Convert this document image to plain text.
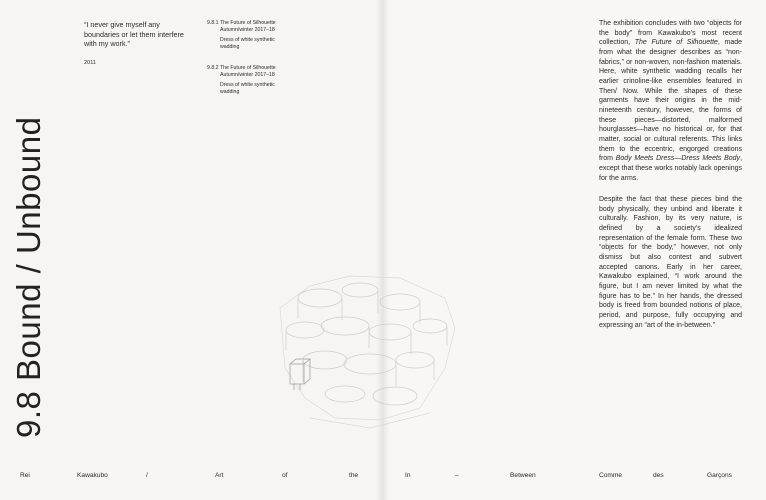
9.8 Bound / Unbound
“I never give myself any boundaries or let them interfere with my work.”
2011
9.8.1 The Future of Silhouette
Autumn/winter 2017–18
Dress of white synthetic
wadding
9.8.2 The Future of Silhouette
Autumn/winter 2017–18
Dress of white synthetic
wadding

The exhibition concludes with two “objects for the body” from Kawakubo’s most recent collection, The Future of Silhouette, made from what the designer describes as “non-fabrics,” or non-woven, non-fashion materials. Here, white synthetic wadding recalls her earlier crinoline-like ensembles featured in Then/ Now. While the shapes of these garments have their origins in the mid-nineteenth century, however, the forms of these pieces—distorted, malformed hourglasses—have no historical or, for that matter, social or cultural referents. This links them to the eccentric, engorged creations from Body Meets Dress—Dress Meets Body, except that these works notably lack openings for the arms.

Despite the fact that these pieces bind the body physically, they unbind and liberate it culturally. Fashion, by its very nature, is defined by a society’s idealized representation of the female form. These two “objects for the body,” however, not only dismiss but also contest and subvert accepted canons. Early in her career, Kawakubo explained, “I work around the figure, but I am never limited by what the figure has to be.” In her hands, the dressed body is freed from bounded notions of place, period, and purpose, fully occupying and expressing an “art of the in-between.”

Rei	Kawakubo	/	Art	of	the	In	–	Between	Comme	des	Garçons
